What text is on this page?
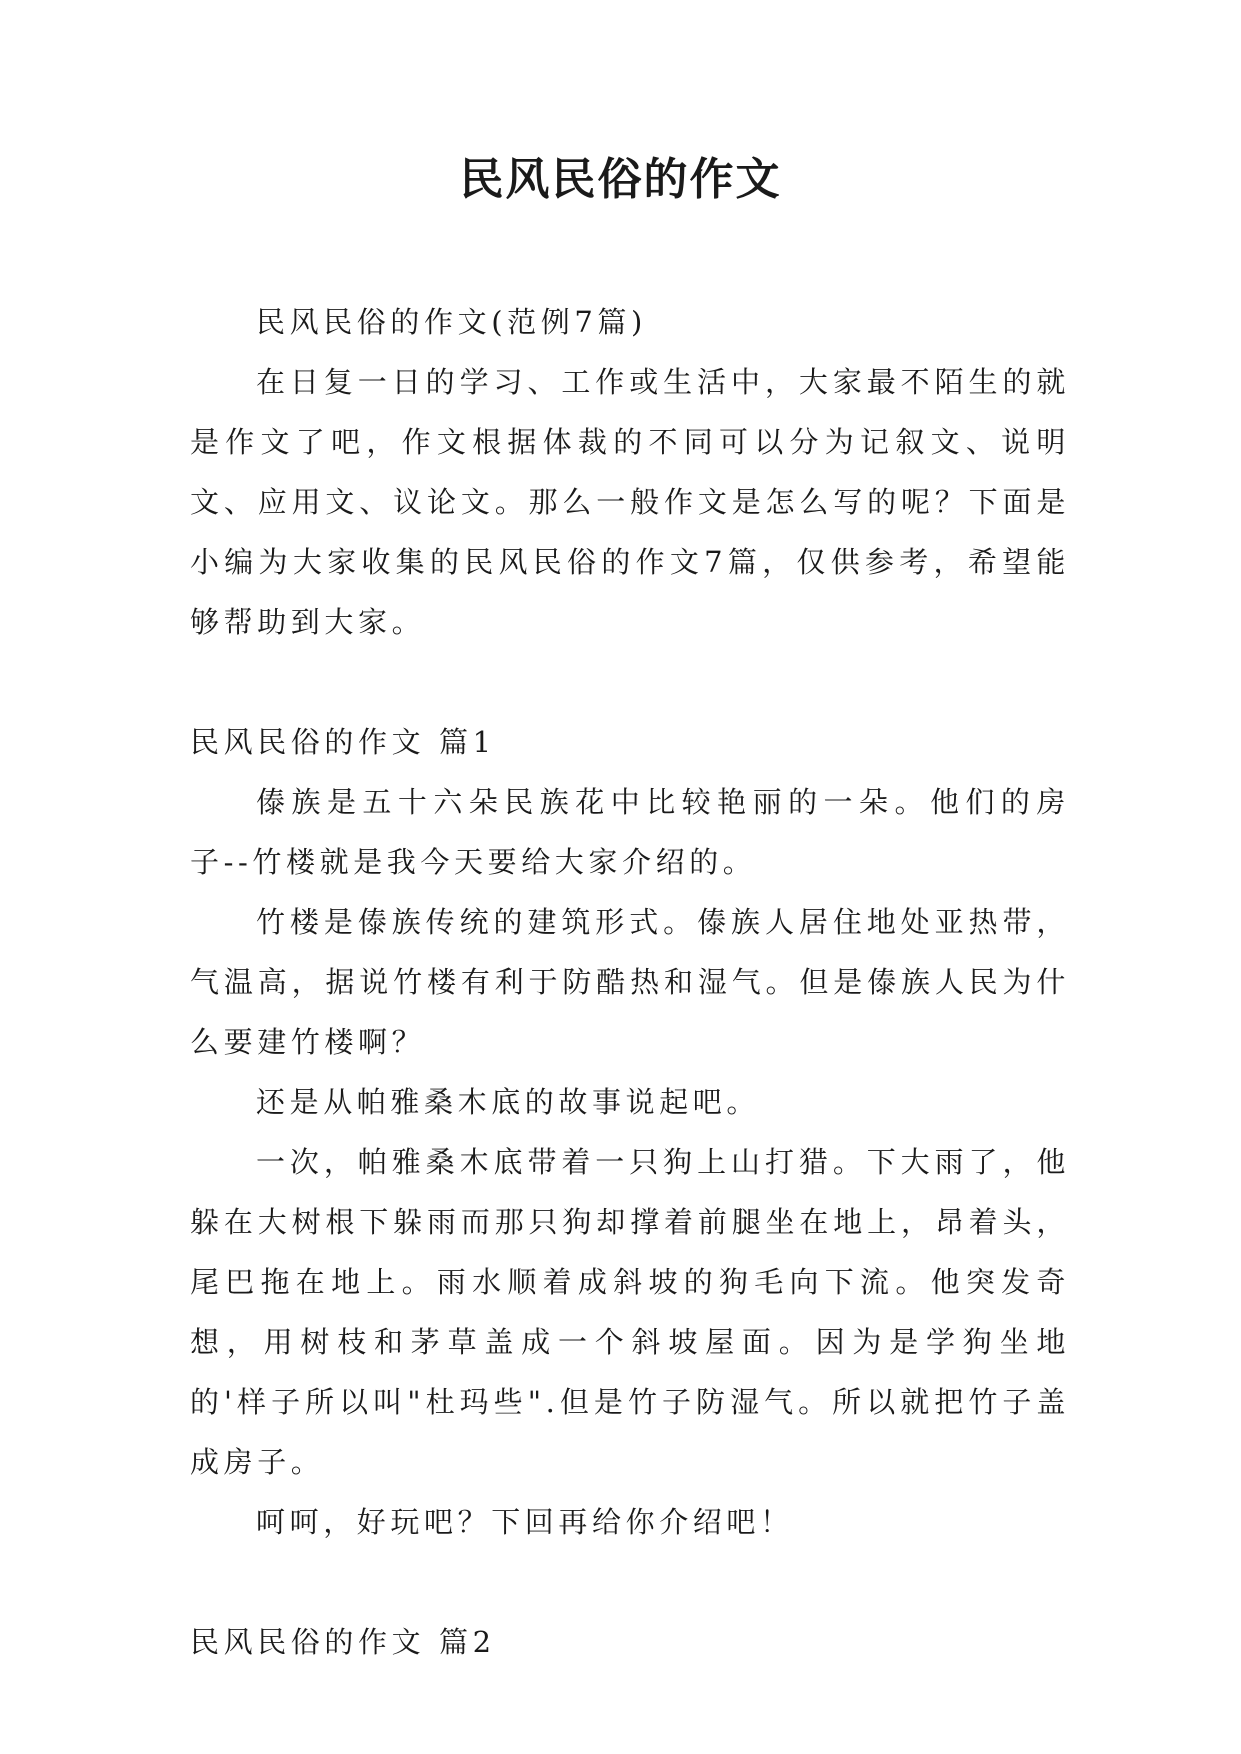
民风民俗的作文

民风民俗的作文(范例7篇)

在日复一日的学习、工作或生活中，大家最不陌生的就是作文了吧，作文根据体裁的不同可以分为记叙文、说明文、应用文、议论文。那么一般作文是怎么写的呢？下面是小编为大家收集的民风民俗的作文7篇，仅供参考，希望能够帮助到大家。

民风民俗的作文 篇1

傣族是五十六朵民族花中比较艳丽的一朵。他们的房子--竹楼就是我今天要给大家介绍的。

竹楼是傣族传统的建筑形式。傣族人居住地处亚热带，气温高，据说竹楼有利于防酷热和湿气。但是傣族人民为什么要建竹楼啊？

还是从帕雅桑木底的故事说起吧。

一次，帕雅桑木底带着一只狗上山打猎。下大雨了，他躲在大树根下躲雨而那只狗却撑着前腿坐在地上，昂着头，尾巴拖在地上。雨水顺着成斜坡的狗毛向下流。他突发奇想，用树枝和茅草盖成一个斜坡屋面。因为是学狗坐地的'样子所以叫"杜玛些".但是竹子防湿气。所以就把竹子盖成房子。

呵呵，好玩吧？下回再给你介绍吧！

民风民俗的作文 篇2
